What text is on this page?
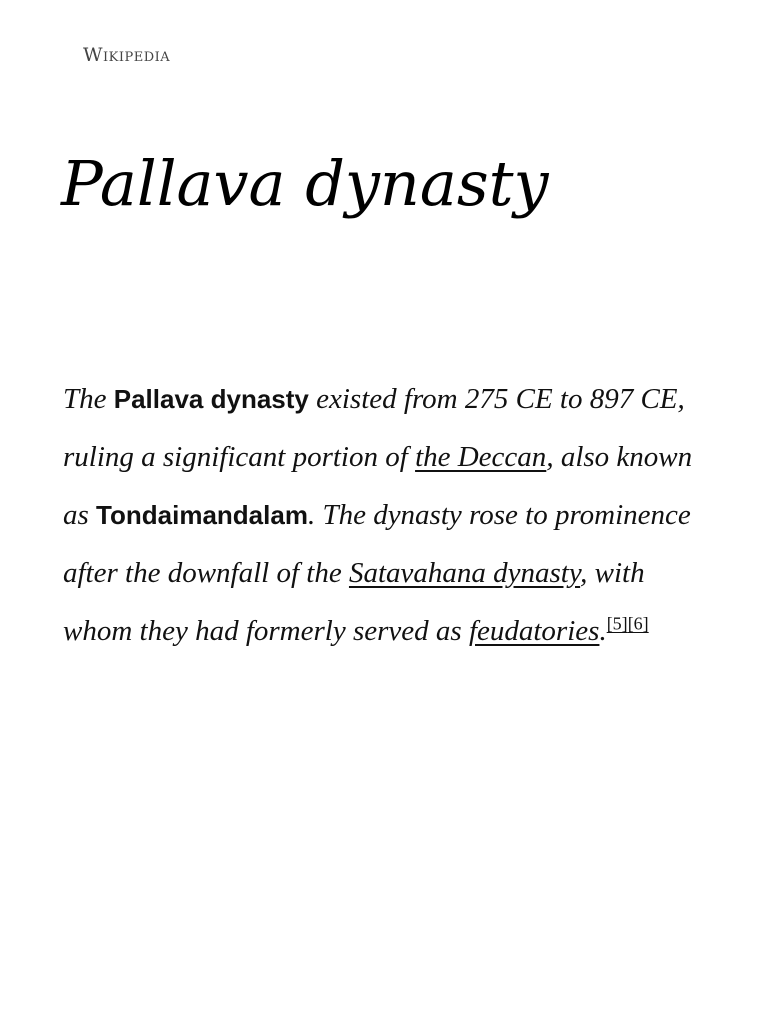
Wikipedia
Pallava dynasty

The Pallava dynasty existed from 275 CE to 897 CE, ruling a significant portion of the Deccan, also known as Tondaimandalam. The dynasty rose to prominence after the downfall of the Satavahana dynasty, with whom they had formerly served as feudatories.[5][6]
